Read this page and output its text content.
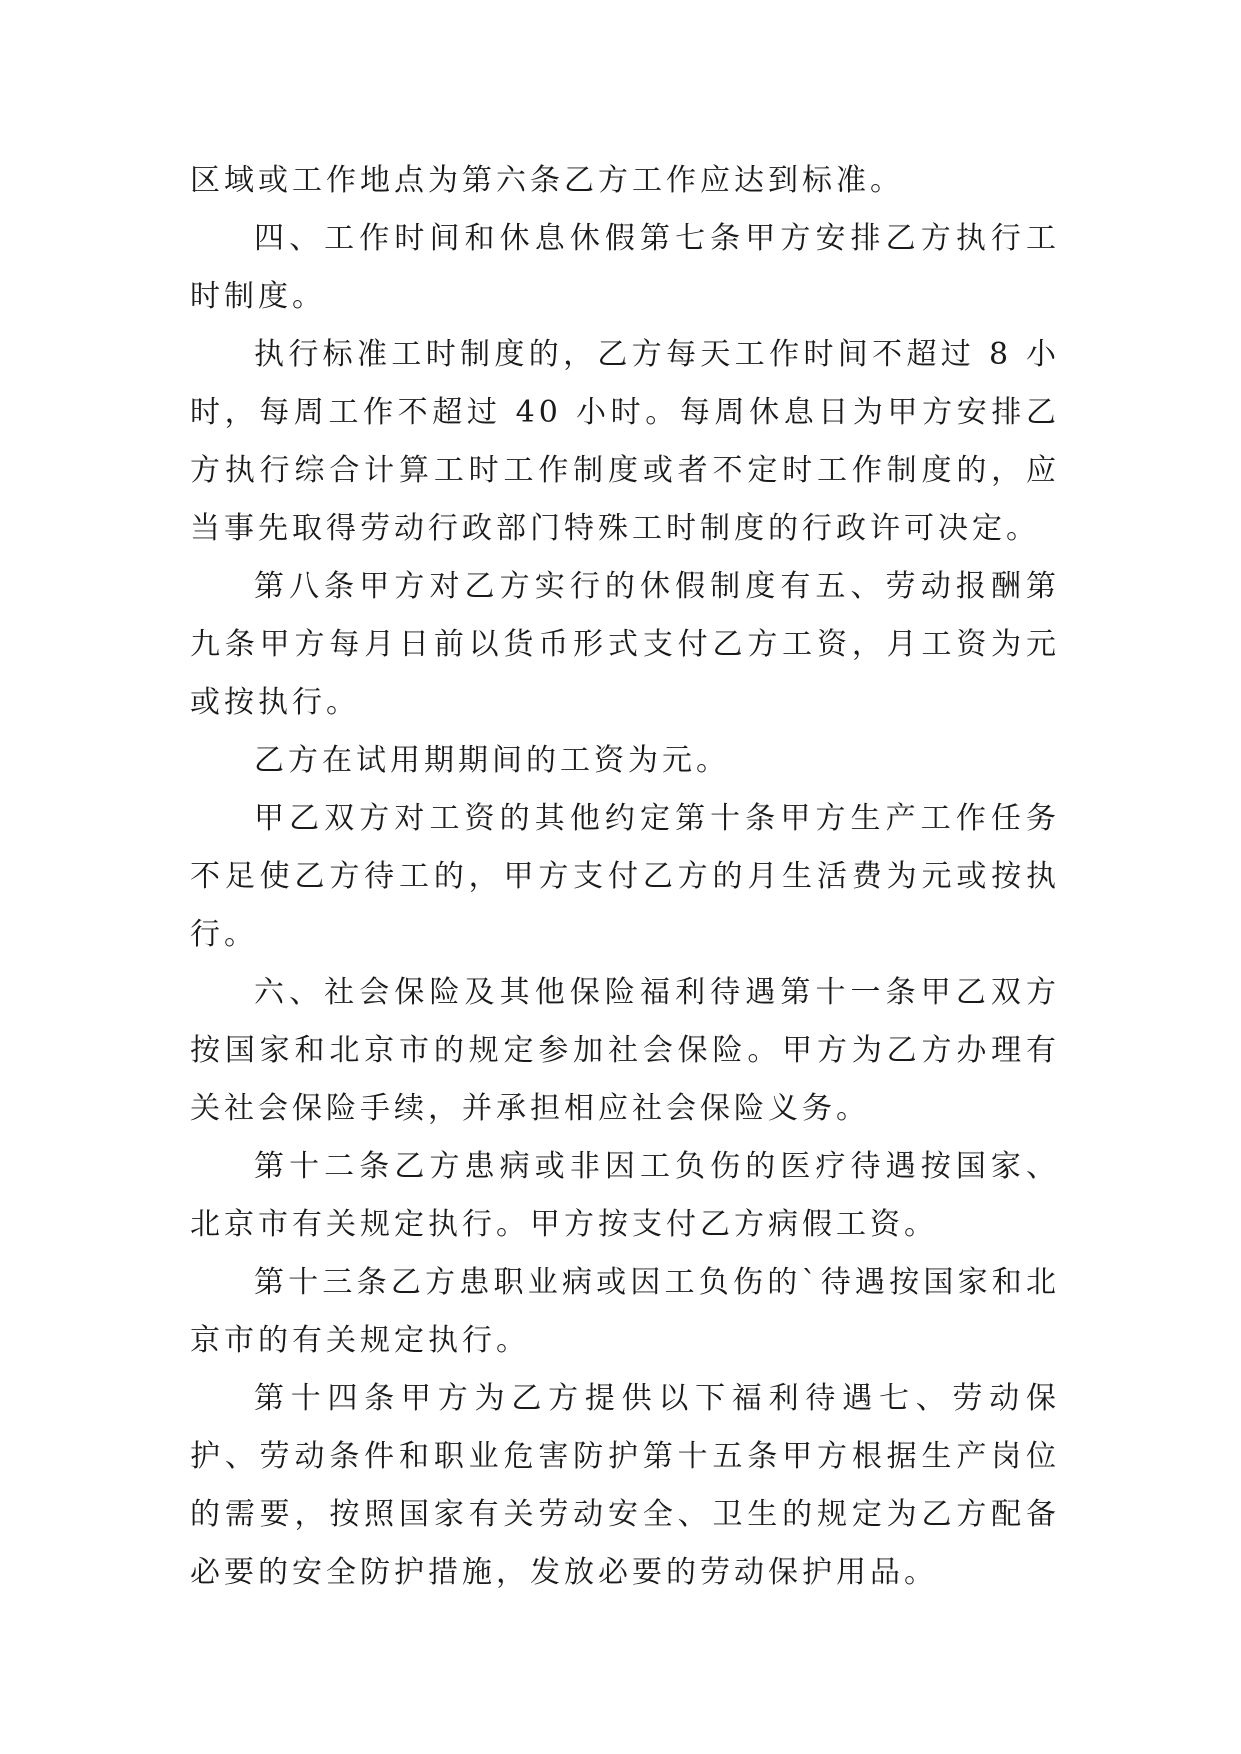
区域或工作地点为第六条乙方工作应达到标准。

四、工作时间和休息休假第七条甲方安排乙方执行工时制度。

执行标准工时制度的，乙方每天工作时间不超过 8 小时，每周工作不超过 40 小时。每周休息日为甲方安排乙方执行综合计算工时工作制度或者不定时工作制度的，应当事先取得劳动行政部门特殊工时制度的行政许可决定。

第八条甲方对乙方实行的休假制度有五、劳动报酬第九条甲方每月日前以货币形式支付乙方工资，月工资为元或按执行。

乙方在试用期期间的工资为元。

甲乙双方对工资的其他约定第十条甲方生产工作任务不足使乙方待工的，甲方支付乙方的月生活费为元或按执行。

六、社会保险及其他保险福利待遇第十一条甲乙双方按国家和北京市的规定参加社会保险。甲方为乙方办理有关社会保险手续，并承担相应社会保险义务。

第十二条乙方患病或非因工负伤的医疗待遇按国家、北京市有关规定执行。甲方按支付乙方病假工资。

第十三条乙方患职业病或因工负伤的`待遇按国家和北京市的有关规定执行。

第十四条甲方为乙方提供以下福利待遇七、劳动保护、劳动条件和职业危害防护第十五条甲方根据生产岗位的需要，按照国家有关劳动安全、卫生的规定为乙方配备必要的安全防护措施，发放必要的劳动保护用品。
